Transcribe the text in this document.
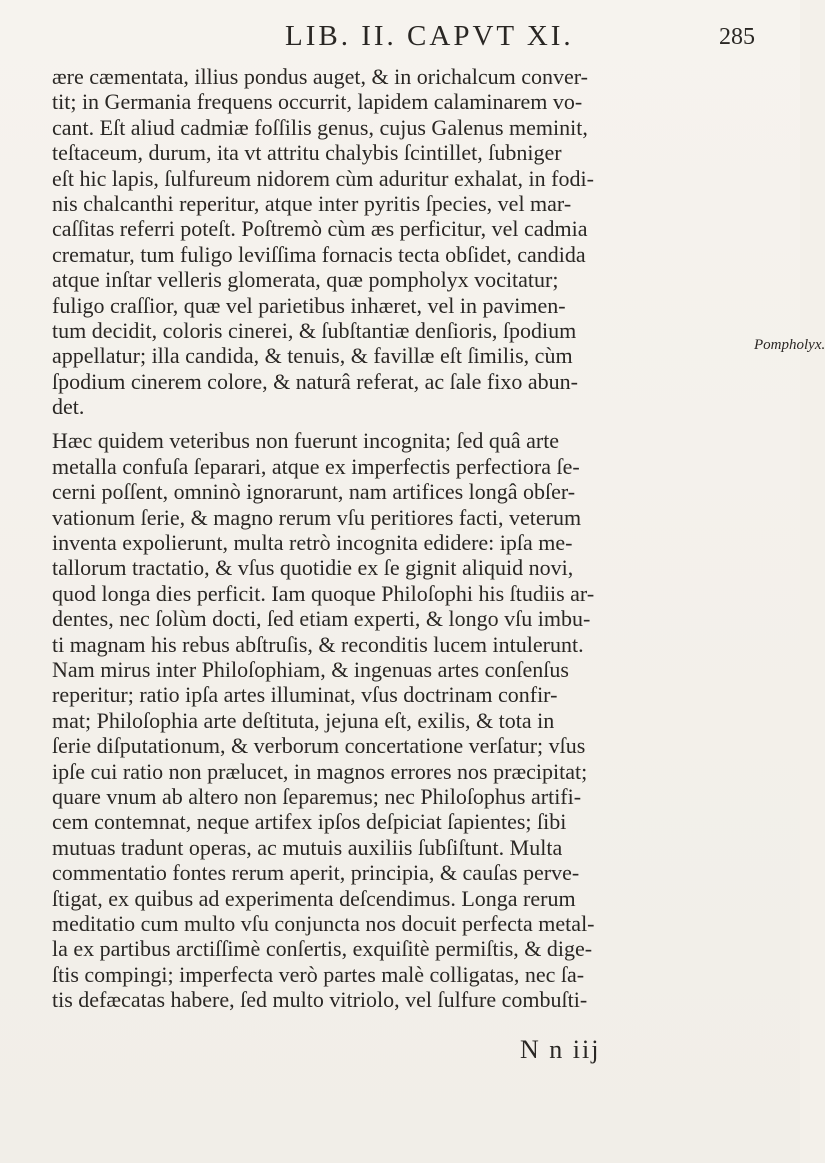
LIB. II. CAPVT XI.	285
ære cæmentata, illius pondus auget, & in orichalcum conver-
tit; in Germania frequens occurrit, lapidem calaminarem vo-
cant. Eſt aliud cadmiæ foſſilis genus, cujus Galenus meminit,
teſtaceum, durum, ita vt attritu chalybis ſcintillet, ſubniger
eſt hic lapis, ſulfureum nidorem cùm aduritur exhalat, in fodi-
nis chalcanthi reperitur, atque inter pyritis ſpecies, vel mar-
caſſitas referri poteſt. Poſtremò cùm æs perficitur, vel cadmia
crematur, tum fuligo leviſſima fornacis tecta obſidet, candida
atque inſtar velleris glomerata, quæ pompholyx vocitatur;
fuligo craſſior, quæ vel parietibus inhæret, vel in pavimen-
tum decidit, coloris cinerei, & ſubſtantiæ denſioris, ſpodium
appellatur; illa candida, & tenuis, & favillæ eſt ſimilis, cùm
ſpodium cinerem colore, & naturâ referat, ac ſale fixo abun-
det.
Hæc quidem veteribus non fuerunt incognita; ſed quâ arte
metalla confuſa ſeparari, atque ex imperfectis perfectiora ſe-
cerni poſſent, omninò ignorarunt, nam artifices longâ obſer-
vationum ſerie, & magno rerum vſu peritiores facti, veterum
inventa expolierunt, multa retrò incognita edidere: ipſa me-
tallorum tractatio, & vſus quotidie ex ſe gignit aliquid novi,
quod longa dies perficit. Iam quoque Philoſophi his ſtudiis ar-
dentes, nec ſolùm docti, ſed etiam experti, & longo vſu imbu-
ti magnam his rebus abſtruſis, & reconditis lucem intulerunt.
Nam mirus inter Philoſophiam, & ingenuas artes conſenſus
reperitur; ratio ipſa artes illuminat, vſus doctrinam confir-
mat; Philoſophia arte deſtituta, jejuna eſt, exilis, & tota in
ſerie diſputationum, & verborum concertatione verſatur; vſus
ipſe cui ratio non prælucet, in magnos errores nos præcipitat;
quare vnum ab altero non ſeparemus; nec Philoſophus artifi-
cem contemnat, neque artifex ipſos deſpiciat ſapientes; ſibi
mutuas tradunt operas, ac mutuis auxiliis ſubſiſtunt. Multa
commentatio fontes rerum aperit, principia, & cauſas perve-
ſtigat, ex quibus ad experimenta deſcendimus. Longa rerum
meditatio cum multo vſu conjuncta nos docuit perfecta metal-
la ex partibus arctiſſimè conſertis, exquiſitè permiſtis, & dige-
ſtis compingi; imperfecta verò partes malè colligatas, nec ſa-
tis defæcatas habere, ſed multo vitriolo, vel ſulfure combuſti-
Pompholyx.
N n iij
